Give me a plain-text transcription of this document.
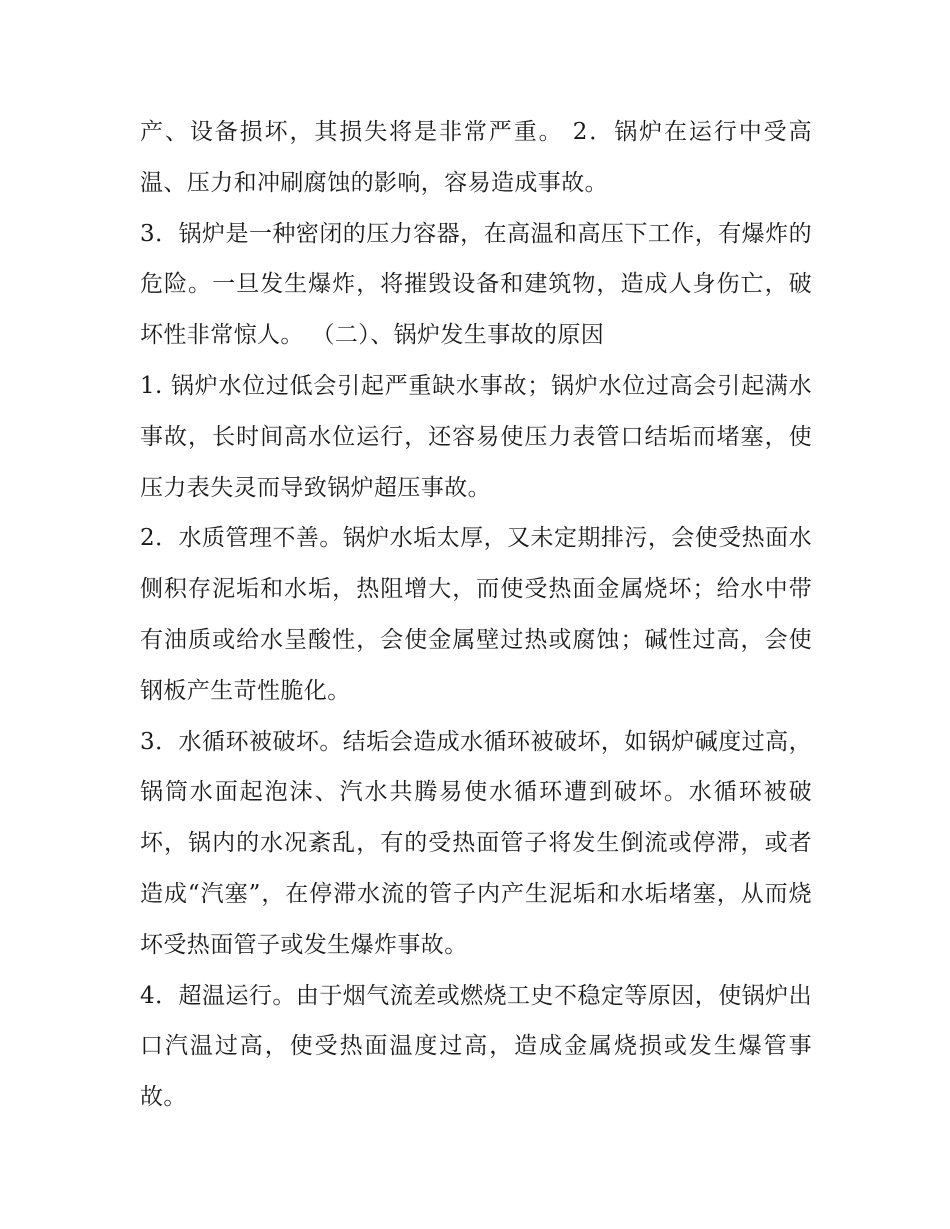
产、设备损坏，其损失将是非常严重。 2．锅炉在运行中受高温、压力和冲刷腐蚀的影响，容易造成事故。

3．锅炉是一种密闭的压力容器，在高温和高压下工作，有爆炸的危险。一旦发生爆炸，将摧毁设备和建筑物，造成人身伤亡，破坏性非常惊人。 （二）、锅炉发生事故的原因

1. 锅炉水位过低会引起严重缺水事故；锅炉水位过高会引起满水事故，长时间高水位运行，还容易使压力表管口结垢而堵塞，使压力表失灵而导致锅炉超压事故。

2．水质管理不善。锅炉水垢太厚，又未定期排污，会使受热面水侧积存泥垢和水垢，热阻增大，而使受热面金属烧坏；给水中带有油质或给水呈酸性，会使金属壁过热或腐蚀；碱性过高，会使钢板产生苛性脆化。

3．水循环被破坏。结垢会造成水循环被破坏，如锅炉碱度过高，锅筒水面起泡沫、汽水共腾易使水循环遭到破坏。水循环被破坏，锅内的水况紊乱，有的受热面管子将发生倒流或停滞，或者造成“汽塞”，在停滞水流的管子内产生泥垢和水垢堵塞，从而烧坏受热面管子或发生爆炸事故。

4．超温运行。由于烟气流差或燃烧工史不稳定等原因，使锅炉出口汽温过高，使受热面温度过高，造成金属烧损或发生爆管事故。
